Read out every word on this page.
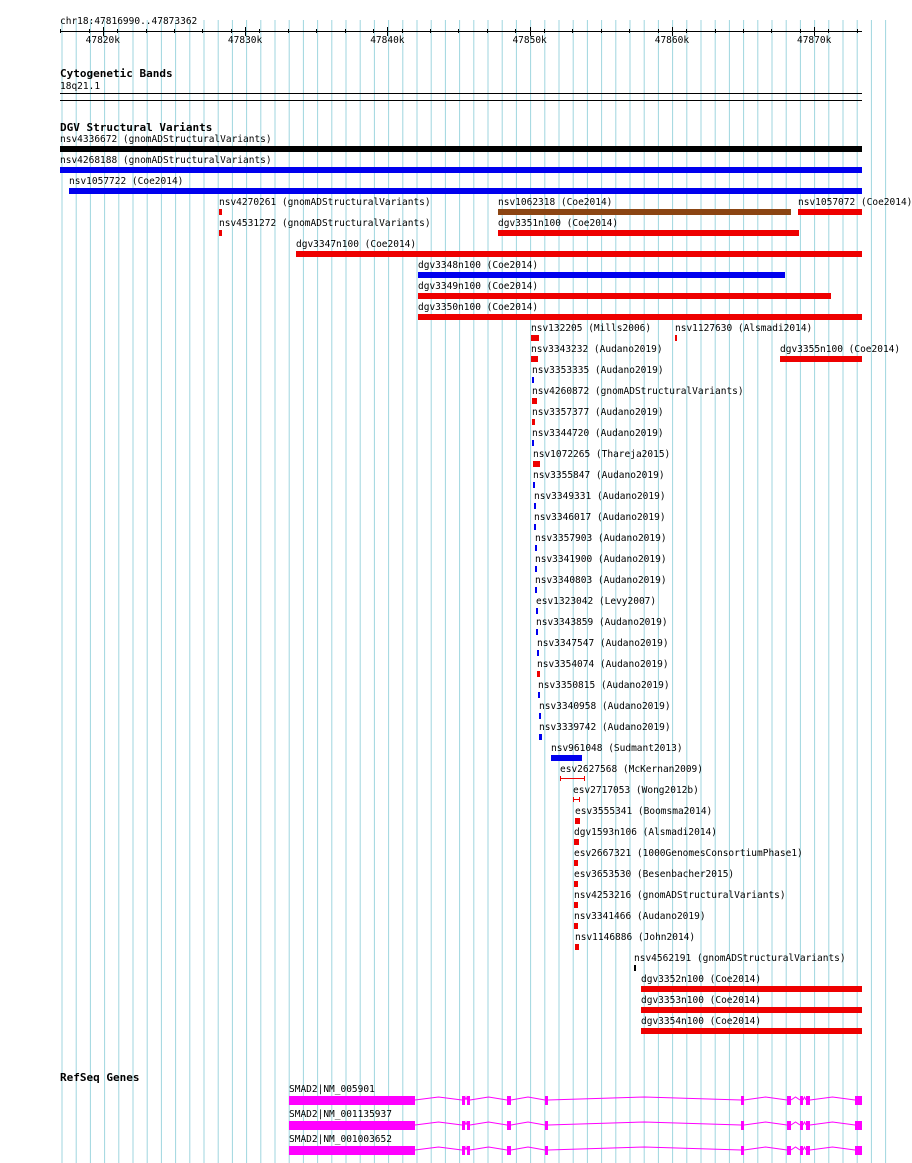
chr18:47816990..47873362
47820k	47830k	47840k	47850k	47860k	47870k
Cytogenetic Bands
18q21.1
DGV Structural Variants
nsv4336672 (gnomADStructuralVariants)
nsv4268188 (gnomADStructuralVariants)
nsv1057722 (Coe2014)
nsv4270261 (gnomADStructuralVariants)	nsv1062318 (Coe2014)	nsv1057072 (Coe2014)
nsv4531272 (gnomADStructuralVariants)	dgv3351n100 (Coe2014)
dgv3347n100 (Coe2014)
dgv3348n100 (Coe2014)
dgv3349n100 (Coe2014)
dgv3350n100 (Coe2014)
nsv132205 (Mills2006)	nsv1127630 (Alsmadi2014)
nsv3343232 (Audano2019)	dgv3355n100 (Coe2014)
nsv3353335 (Audano2019)
nsv4260872 (gnomADStructuralVariants)
nsv3357377 (Audano2019)
nsv3344720 (Audano2019)
nsv1072265 (Thareja2015)
nsv3355847 (Audano2019)
nsv3349331 (Audano2019)
nsv3346017 (Audano2019)
nsv3357903 (Audano2019)
nsv3341900 (Audano2019)
nsv3340803 (Audano2019)
esv1323042 (Levy2007)
nsv3343859 (Audano2019)
nsv3347547 (Audano2019)
nsv3354074 (Audano2019)
nsv3350815 (Audano2019)
nsv3340958 (Audano2019)
nsv3339742 (Audano2019)
nsv961048 (Sudmant2013)
esv2627568 (McKernan2009)
esv2717053 (Wong2012b)
esv3555341 (Boomsma2014)
dgv1593n106 (Alsmadi2014)
esv2667321 (1000GenomesConsortiumPhase1)
esv3653530 (Besenbacher2015)
nsv4253216 (gnomADStructuralVariants)
nsv3341466 (Audano2019)
nsv1146886 (John2014)
nsv4562191 (gnomADStructuralVariants)
dgv3352n100 (Coe2014)
dgv3353n100 (Coe2014)
dgv3354n100 (Coe2014)
RefSeq Genes
SMAD2|NM_005901
SMAD2|NM_001135937
SMAD2|NM_001003652
